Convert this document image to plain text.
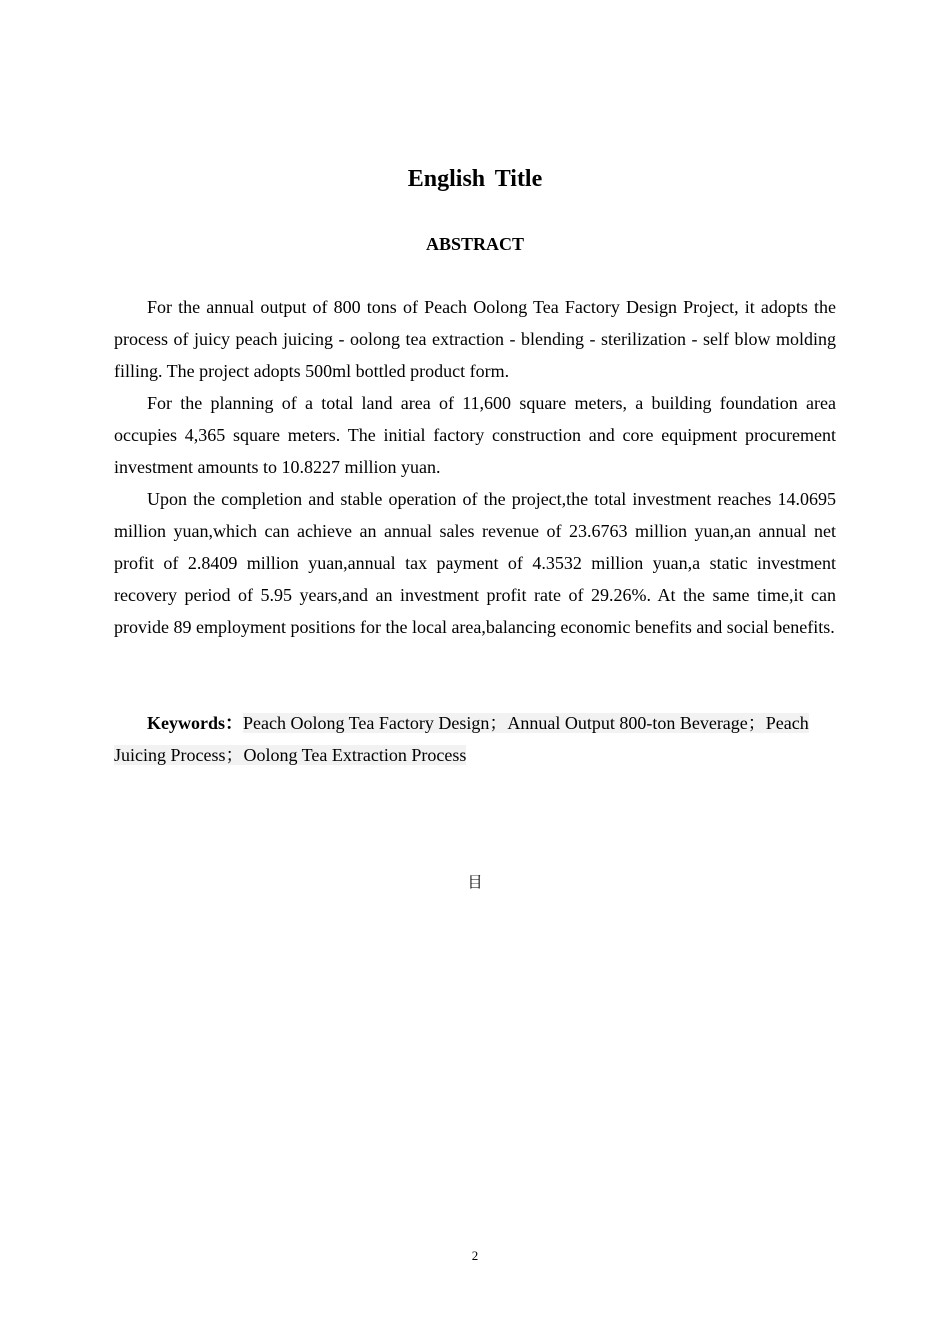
English Title
ABSTRACT

For the annual output of 800 tons of Peach Oolong Tea Factory Design Project, it adopts the process of juicy peach juicing - oolong tea extraction - blending - sterilization - self blow molding filling. The project adopts 500ml bottled product form.

For the planning of a total land area of 11,600 square meters, a building foundation area occupies 4,365 square meters. The initial factory construction and core equipment procurement investment amounts to 10.8227 million yuan.

Upon the completion and stable operation of the project,the total investment reaches 14.0695 million yuan,which can achieve an annual sales revenue of 23.6763 million yuan,an annual net profit of 2.8409 million yuan,annual tax payment of 4.3532 million yuan,a static investment recovery period of 5.95 years,and an investment profit rate of 29.26%. At the same time,it can provide 89 employment positions for the local area,balancing economic benefits and social benefits.

Keywords：Peach Oolong Tea Factory Design；Annual Output 800-ton Beverage；Peach Juicing Process；Oolong Tea Extraction Process
目
2
